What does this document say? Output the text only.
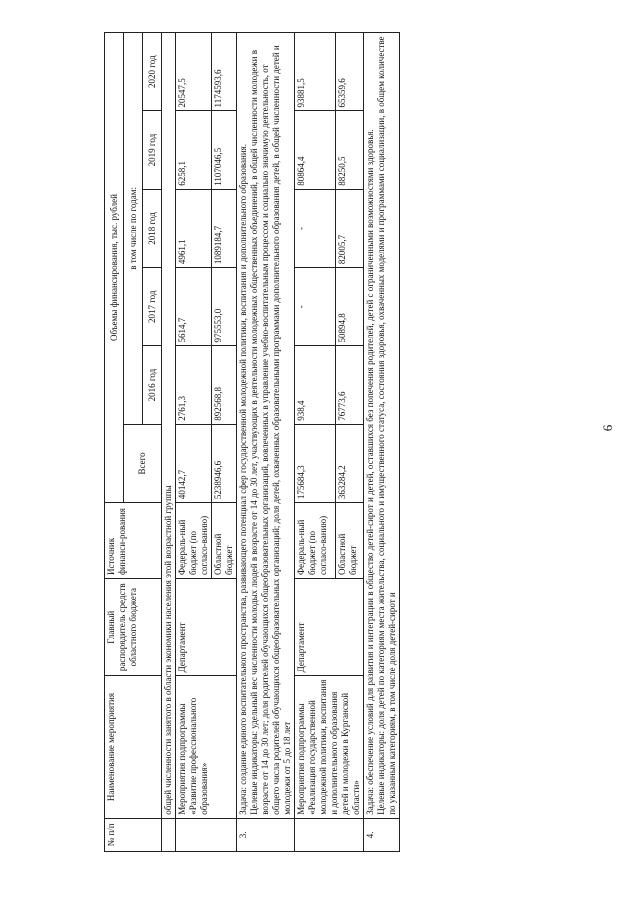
6
№ п/п	Наименование мероприятия	Главный распорядитель средств областного бюджета	Источник финанси-рования	Объемы финансирования, тыс. рублей					
				Всего	в том числе по годам:				
					2016 год	2017 год	2018 год	2019 год	2020 год
	общей численности занятого в области экономики населения этой возрастной группы								
	Мероприятия подпрограммы «Развитие профессионального образования»	Департамент	Федераль-ный бюджет (по согласо-ванию)	40142,7	2761,3	5614,7	4961,1	6258,1	20547,5
			Областной бюджет	5238946,6	892568,8	975553,0	1089184,7	1107046,5	1174593,6
3.	Задача: создание единого воспитательного пространства, развивающего потенциал сфер государственной молодежной политики, воспитания и дополнительного образования. Целевые индикаторы: удельный вес численности молодых людей в возрасте от 14 до 30 лет, участвующих в деятельности молодежных общественных объединений, в общей численности молодежи в возрасте от 14 до 30 лет; доля родителей обучающихся общеобразовательных организаций, вовлеченных в управление учебно-воспитательным процессом и социально значимую деятельность, от общего числа родителей обучающихся общеобразовательных организаций; доля детей, охваченных образовательными программами дополнительного образования детей, в общей численности детей и молодежи от 5 до 18 лет								

	Мероприятия подпрограммы «Реализация государственной молодежной политики, воспитания и дополнительного образования детей и молодежи в Курганской области»	Департамент	Федераль-ный бюджет (по согласо-ванию)	175684,3	938,4	-	-	80864,4	93881,5
			Областной бюджет	363284,2	76773,6	50894,8	82005,7	88250,5	65359,6
4.	Задача: обеспечение условий для развития и интеграции в общество детей-сирот и детей, оставшихся без попечения родителей, детей с ограниченными возможностями здоровья. Целевые индикаторы: доля детей по категориям места жительства, социального и имущественного статуса, состояния здоровья, охваченных моделями и программами социализации, в общем количестве по указанным категориям, в том числе доля детей-сирот и								
